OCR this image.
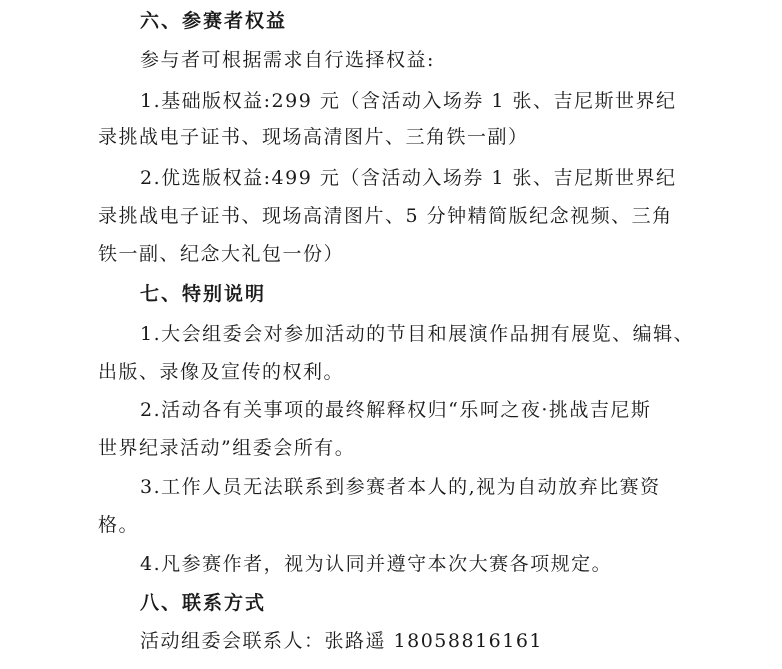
六、参赛者权益
参与者可根据需求自行选择权益:
1.基础版权益:299 元（含活动入场券 1 张、吉尼斯世界纪
录挑战电子证书、现场高清图片、三角铁一副）
2.优选版权益:499 元（含活动入场券 1 张、吉尼斯世界纪
录挑战电子证书、现场高清图片、5 分钟精简版纪念视频、三角
铁一副、纪念大礼包一份）
七、特别说明
1.大会组委会对参加活动的节目和展演作品拥有展览、编辑、
出版、录像及宣传的权利。
2.活动各有关事项的最终解释权归“乐呵之夜·挑战吉尼斯
世界纪录活动”组委会所有。
3.工作人员无法联系到参赛者本人的,视为自动放弃比赛资
格。
4.凡参赛作者，视为认同并遵守本次大赛各项规定。
八、联系方式
活动组委会联系人：张路遥 18058816161
